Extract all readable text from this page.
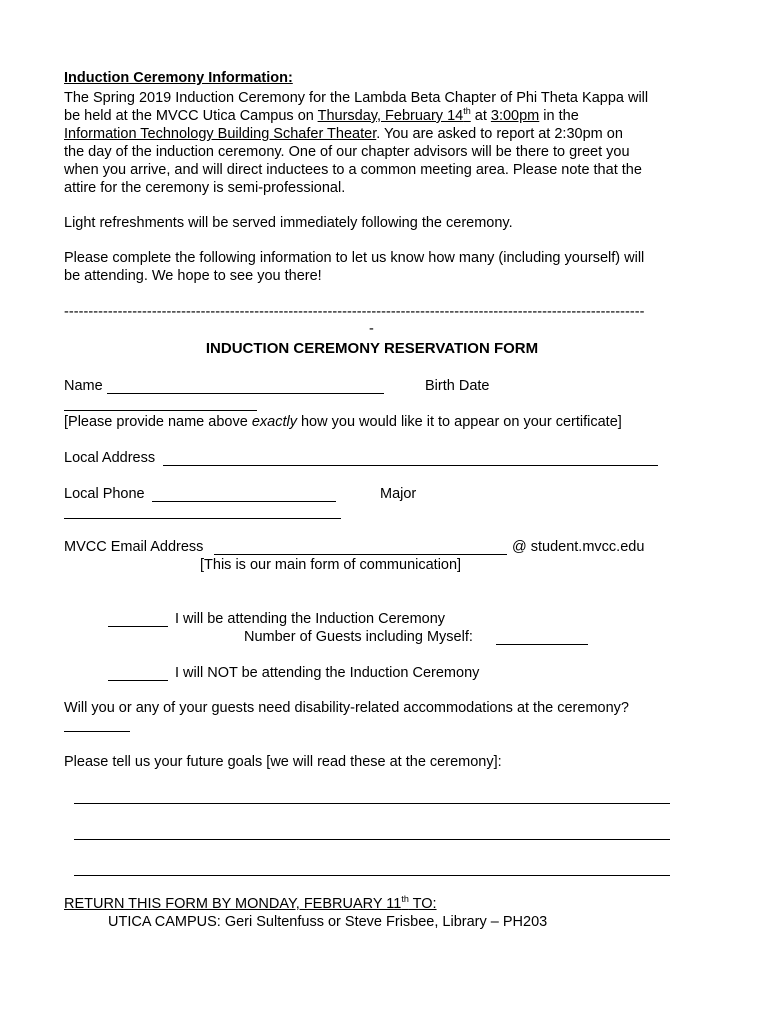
Induction Ceremony Information:
The Spring 2019 Induction Ceremony for the Lambda Beta Chapter of Phi Theta Kappa will
be held at the MVCC Utica Campus on Thursday, February 14th at 3:00pm in the
Information Technology Building Schafer Theater. You are asked to report at 2:30pm on
the day of the induction ceremony. One of our chapter advisors will be there to greet you
when you arrive, and will direct inductees to a common meeting area. Please note that the
attire for the ceremony is semi-professional.
Light refreshments will be served immediately following the ceremony.
Please complete the following information to let us know how many (including yourself) will
be attending. We hope to see you there!
-----------------------------------------------------------------------------------------------------------------------
-
INDUCTION CEREMONY RESERVATION FORM
Name	Birth Date
[Please provide name above exactly how you would like it to appear on your certificate]
Local Address
Local Phone	Major
MVCC Email Address	@ student.mvcc.edu
[This is our main form of communication]
I will be attending the Induction Ceremony
Number of Guests including Myself:
I will NOT be attending the Induction Ceremony
Will you or any of your guests need disability-related accommodations at the ceremony?
Please tell us your future goals [we will read these at the ceremony]:
RETURN THIS FORM BY MONDAY, FEBRUARY 11th TO:
UTICA CAMPUS: Geri Sultenfuss or Steve Frisbee, Library – PH203
